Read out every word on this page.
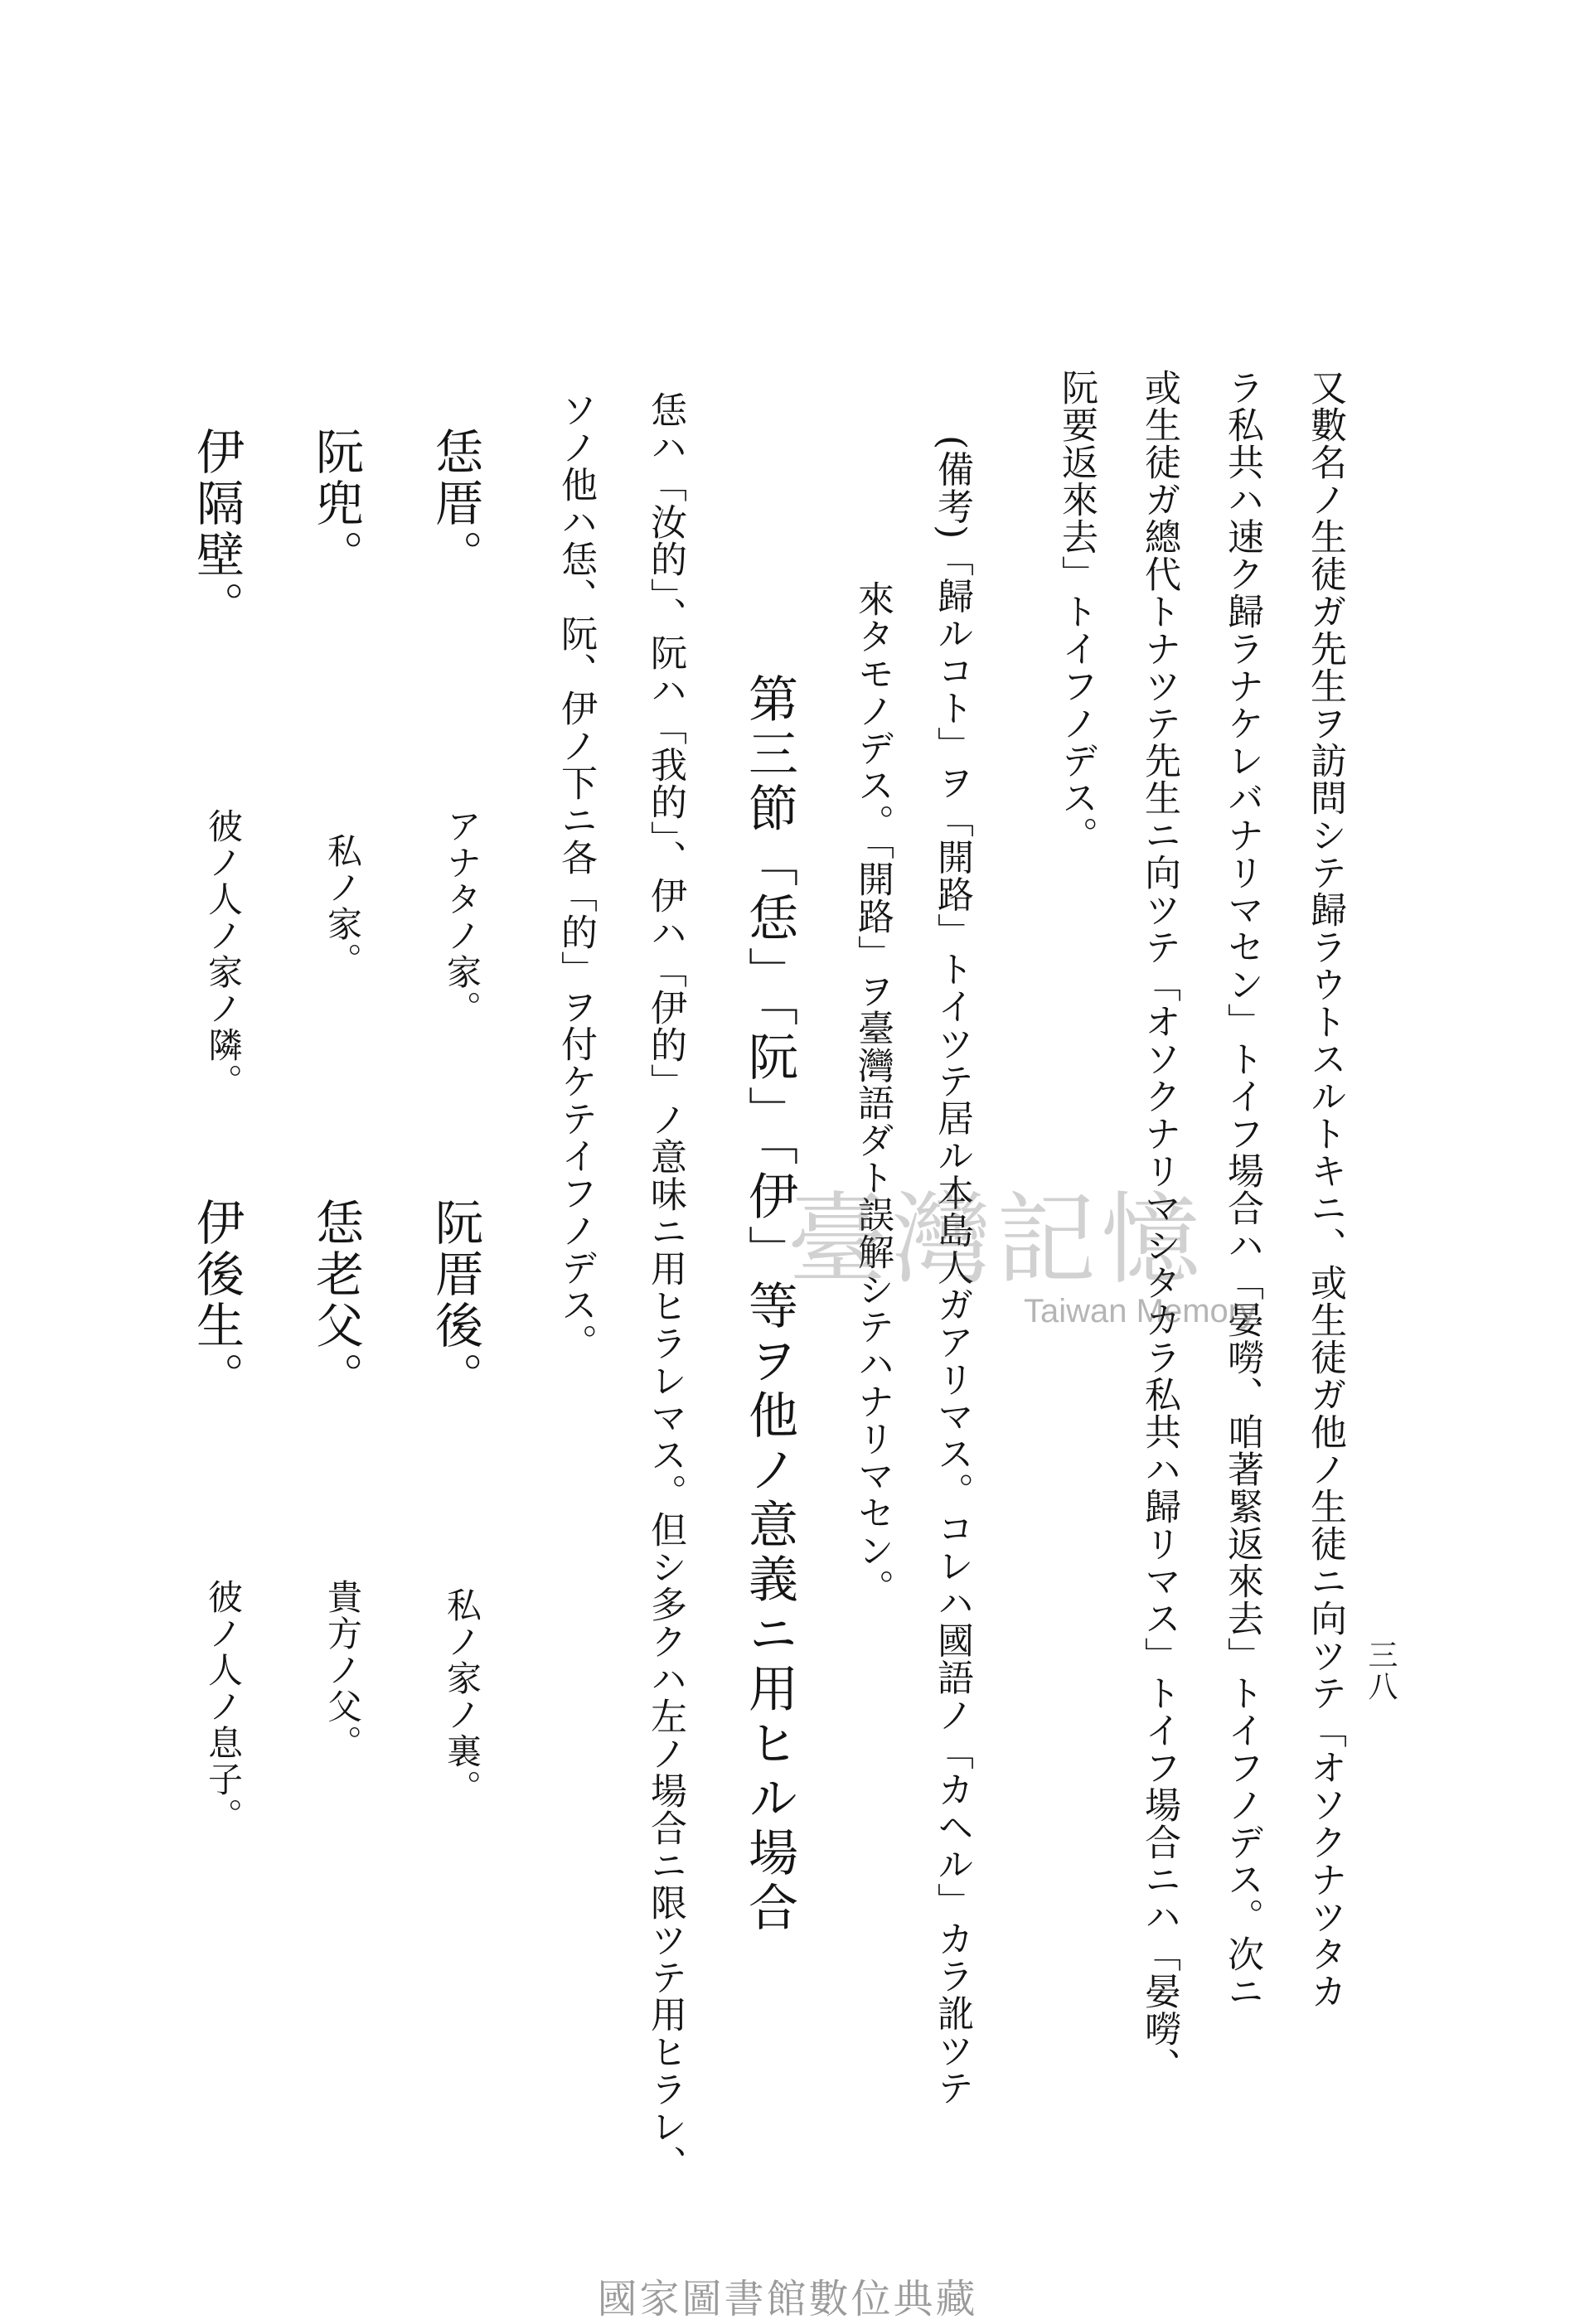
三八
又數名ノ生徒ガ先生ヲ訪問シテ歸ラウトスルトキニ、或生徒ガ他ノ生徒ニ向ツテ「オソクナツタカ
ラ私共ハ速ク歸ラナケレバナリマセン」トイフ場合ハ「晏嘮、咱著緊返來去」トイフノデス。次ニ
或生徒ガ總代トナツテ先生ニ向ツテ「オソクナリマシタカラ私共ハ歸リマス」トイフ場合ニハ「晏嘮、
阮要返來去」トイフノデス。
(備考)「歸ルコト」ヲ「開路」トイツテ居ル本島人ガアリマス。コレハ國語ノ「カヘル」カラ訛ツテ
來タモノデス。「開路」ヲ臺灣語ダト誤解シテハナリマセン。
第三節「恁」「阮」「伊」等ヲ他ノ意義ニ用ヒル場合
恁ハ「汝的」、阮ハ「我的」、伊ハ「伊的」ノ意味ニ用ヒラレマス。但シ多クハ左ノ場合ニ限ツテ用ヒラレ、
ソノ他ハ恁、阮、伊ノ下ニ各「的」ヲ付ケテイフノデス。
恁厝。
アナタノ家。
阮厝後。
私ノ家ノ裏。
阮兜。
私ノ家。
恁老父。
貴方ノ父。
伊隔壁。
彼ノ人ノ家ノ隣。
伊後生。
彼ノ人ノ息子。
臺灣記憶
Taiwan Memory
國家圖書館數位典藏
